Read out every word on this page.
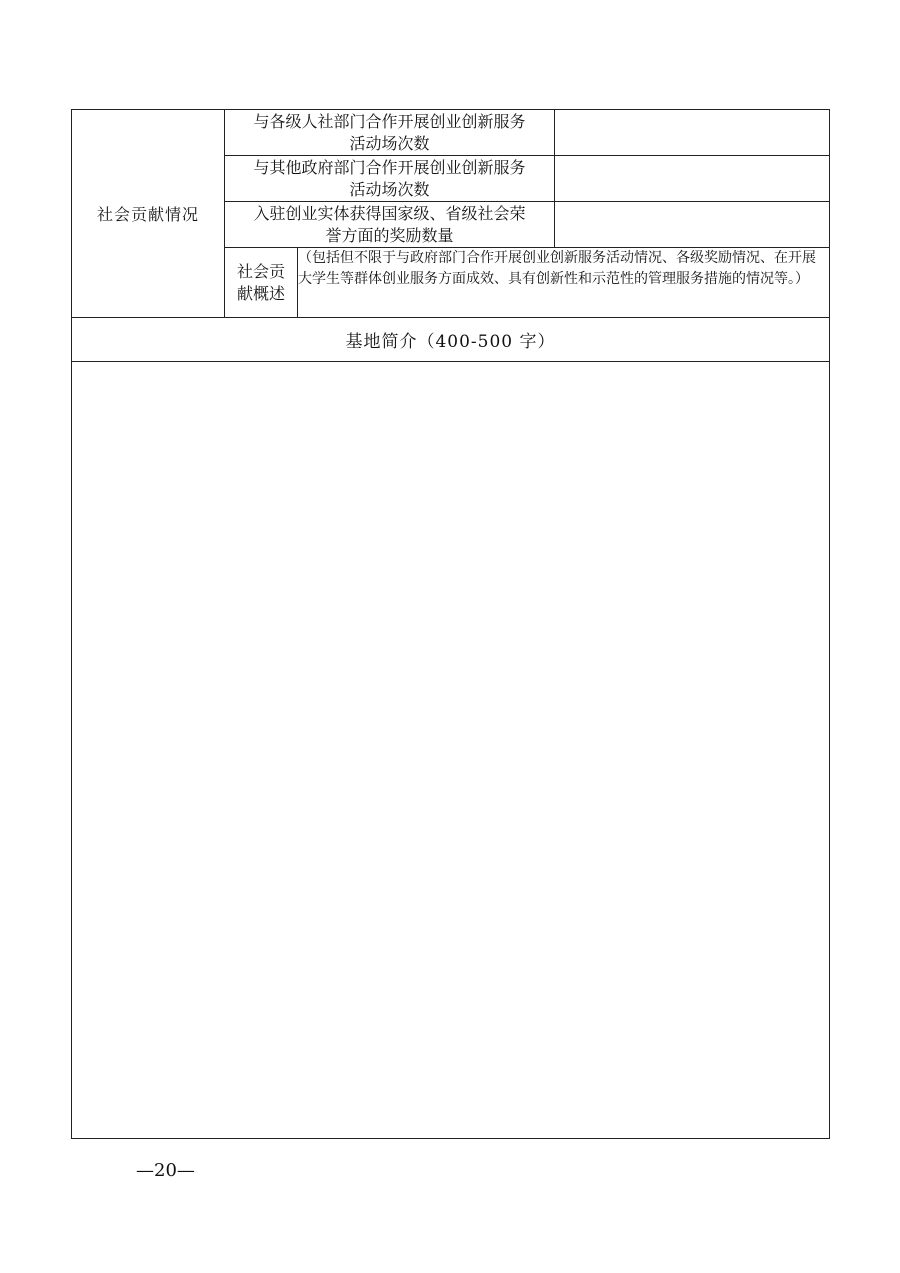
社会贡献情况	与各级人社部门合作开展创业创新服务
活动场次数		

	与其他政府部门合作开展创业创新服务
活动场次数		

	入驻创业实体获得国家级、省级社会荣
誉方面的奖励数量		

	社会贡
献概述	（包括但不限于与政府部门合作开展创业创新服务活动情况、各级奖励情况、在开展大学生等群体创业服务方面成效、具有创新性和示范性的管理服务措施的情况等。）	
基地简介（400-500 字）			

—20—
